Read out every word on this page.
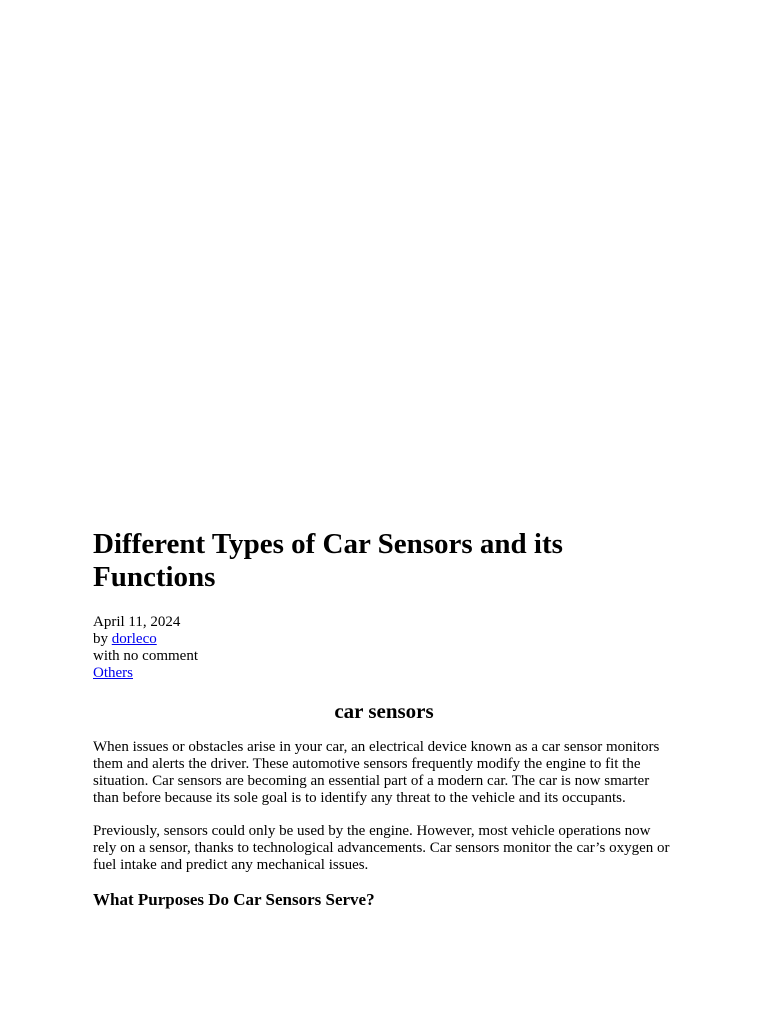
Different Types of Car Sensors and its Functions
April 11, 2024
by dorleco
with no comment
Others
car sensors

When issues or obstacles arise in your car, an electrical device known as a car sensor monitors them and alerts the driver. These automotive sensors frequently modify the engine to fit the situation. Car sensors are becoming an essential part of a modern car. The car is now smarter than before because its sole goal is to identify any threat to the vehicle and its occupants.

Previously, sensors could only be used by the engine. However, most vehicle operations now rely on a sensor, thanks to technological advancements. Car sensors monitor the car’s oxygen or fuel intake and predict any mechanical issues.

What Purposes Do Car Sensors Serve?
